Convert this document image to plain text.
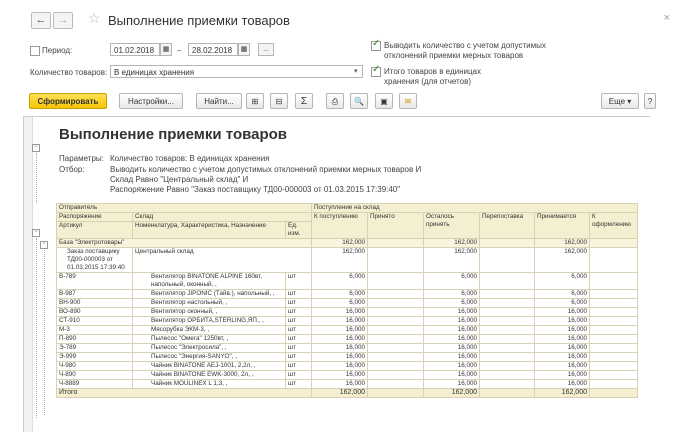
←	→	☆ Выполнение приемки товаров	×
Период:	01.02.2018	▦ –	28.02.2018	▦	...
Количество товаров: В единицах хранения	▾
✓
Выводить количество с учетом допустимых отклонений приемки мерных товаров
✓
Итого товаров в единицах хранения (для отчетов)
Сформировать	Настройки...	Найти...	⊞	⊟	Σ	⎙	🔍	▣	✉	Еще ▾	?
−
−
−
Выполнение приемки товаров
Параметры: Количество товаров: В единицах хранения
Отбор:	Выводить количество с учетом допустимых отклонений приемки мерных товаров И
Склад Равно "Центральный склад" И
Распоряжение Равно "Заказ поставщику ТД00-000003 от 01.03.2015 17:39:40"
Отправитель			Поступление на склад					
Распоряжение	Склад		К поступлению	Принято	Осталось принять	Перепоставка	Принимается	К оформлению
Артикул	Номенклатура, Характеристика, Назначение	Ед. изм.						
База "Электротовары"			162,000		162,000		162,000	
Заказ поставщику ТД00-000003 от 01.03.2015 17:39:40	Центральный склад		162,000		162,000		162,000	
В-789	Вентилятор BINATONE ALPINE 160вт, напольный, оконный, ,	шт	6,000		6,000		6,000	
В-987	Вентилятор JIPONIC (Тайв.), напольный, ,	шт	6,000		6,000		6,000	
ВН-900	Вентилятор настольный, ,	шт	6,000		6,000		6,000	
ВО-890	Вентилятор оконный, ,	шт	16,000		16,000		16,000	
СТ-910	Вентилятор ОРБИТА,STERLING,ЯП., ,	шт	16,000		16,000		16,000	
М-3	Мясорубка ЭКМ-3, ,	шт	16,000		16,000		16,000	
П-890	Пылесос "Омега" 1250вт, ,	шт	16,000		16,000		16,000	
Э-789	Пылесос "Электросила", ,	шт	16,000		16,000		16,000	
Э-999	Пылесос "Энергия-SANYO", ,	шт	16,000		16,000		16,000	
Ч-980	Чайник BINATONE AEJ-1001, 2,2л, ,	шт	16,000		16,000		16,000	
Ч-890	Чайник BINATONE EWK-3000, 2л, ,	шт	16,000		16,000		16,000	
Ч-8889	Чайник MOULINEX L 1,3, ,	шт	16,000		16,000		16,000	
Итого			162,000		162,000		162,000	
